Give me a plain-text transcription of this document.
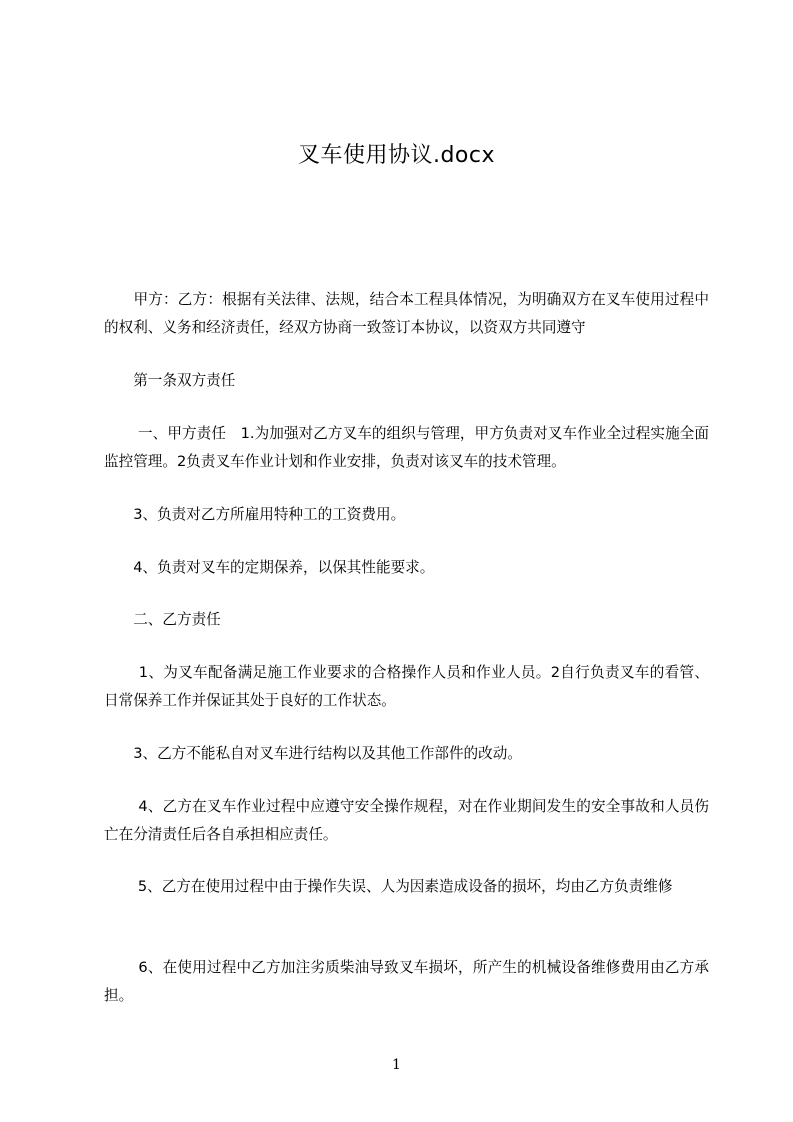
叉车使用协议.docx

　　甲方：乙方：根据有关法律、法规，结合本工程具体情况，为明确双方在叉车使用过程中的权利、义务和经济责任，经双方协商一致签订本协议，以资双方共同遵守

　　第一条双方责任

　　 一、甲方责任　1.为加强对乙方叉车的组织与管理，甲方负责对叉车作业全过程实施全面监控管理。2负责叉车作业计划和作业安排，负责对该叉车的技术管理。

　　3、负责对乙方所雇用特种工的工资费用。

　　4、负责对叉车的定期保养，以保其性能要求。

　　二、乙方责任

　　 1、为叉车配备满足施工作业要求的合格操作人员和作业人员。2自行负责叉车的看管、日常保养工作并保证其处于良好的工作状态。

　　3、乙方不能私自对叉车进行结构以及其他工作部件的改动。

　　 4、乙方在叉车作业过程中应遵守安全操作规程，对在作业期间发生的安全事故和人员伤亡在分清责任后各自承担相应责任。

　　 5、乙方在使用过程中由于操作失误、人为因素造成设备的损坏，均由乙方负责维修

　　 6、在使用过程中乙方加注劣质柴油导致叉车损坏，所产生的机械设备维修费用由乙方承担。

1
